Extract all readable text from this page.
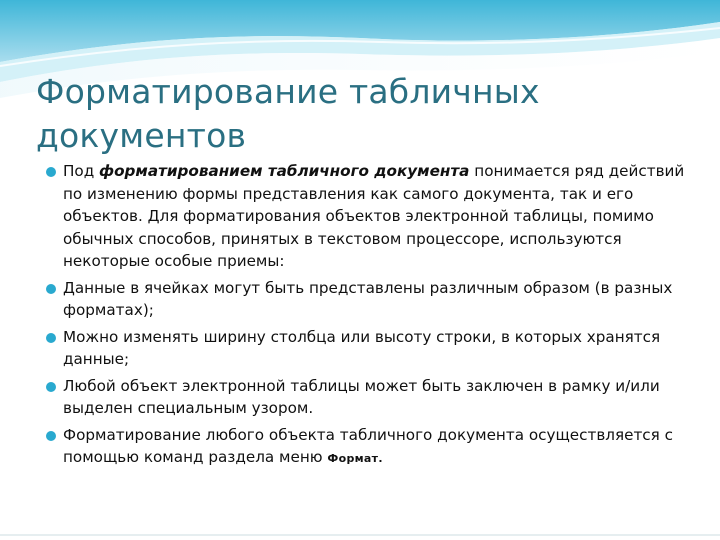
Форматирование табличных документов
Под форматированием табличного документа понимается ряд действий по изменению формы представления как самого документа, так и его объектов. Для форматирования объектов электронной таблицы, помимо обычных способов, принятых в текстовом процессоре, используются некоторые особые приемы:
Данные в ячейках могут быть представлены различным образом (в разных форматах);
Можно изменять ширину столбца или высоту строки, в которых хранятся данные;
Любой объект электронной таблицы может быть заключен в рамку и/или выделен специальным узором.
Форматирование любого объекта табличного документа осуществляется с помощью команд раздела меню Формат.
